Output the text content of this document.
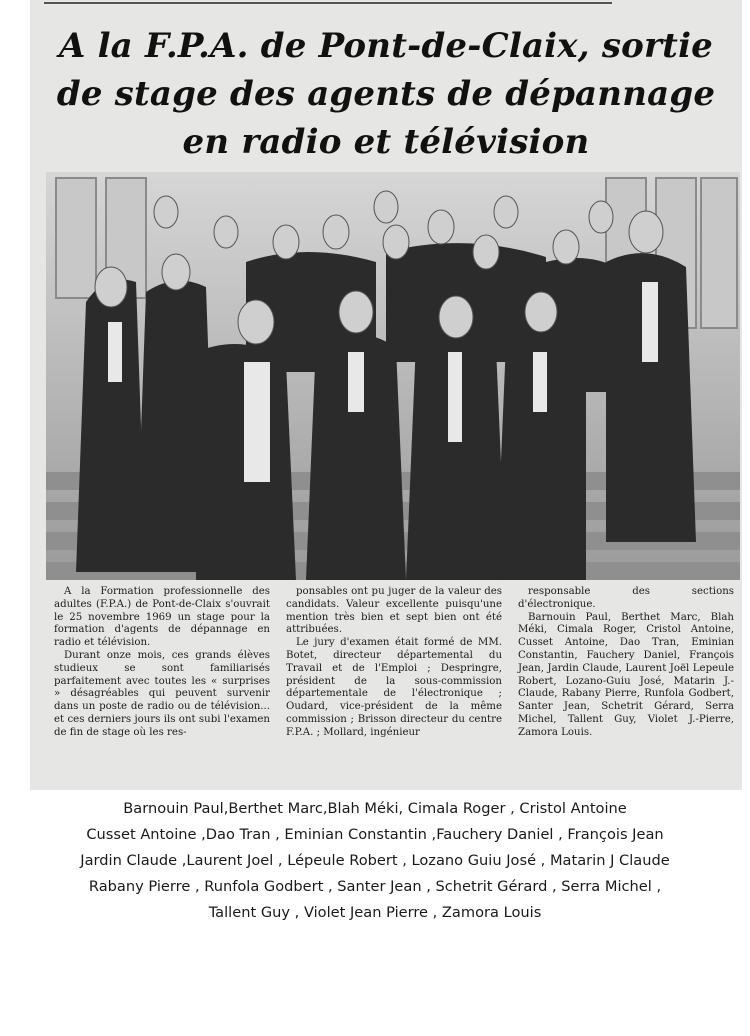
A la F.P.A. de Pont-de-Claix, sortie
de stage des agents de dépannage
en radio et télévision

A la Formation professionnelle des adultes (F.P.A.) de Pont-de-Claix s'ouvrait le 25 novembre 1969 un stage pour la formation d'agents de dépannage en radio et télévision.

Durant onze mois, ces grands élèves studieux se sont familiarisés parfaitement avec toutes les « surprises » désagréables qui peuvent survenir dans un poste de radio ou de télévision... et ces derniers jours ils ont subi l'examen de fin de stage où les res-

ponsables ont pu juger de la valeur des candidats. Valeur excellente puisqu'une mention très bien et sept bien ont été attribuées.

Le jury d'examen était formé de MM. Botet, directeur départemental du Travail et de l'Emploi ; Despringre, président de la sous-commission départementale de l'électronique ; Oudard, vice-président de la même commission ; Brisson directeur du centre F.P.A. ; Mollard, ingénieur

responsable des sections d'électronique.

Barnouin Paul, Berthet Marc, Blah Méki, Cimala Roger, Cristol Antoine, Cusset Antoine, Dao Tran, Eminian Constantin, Fauchery Daniel, François Jean, Jardin Claude, Laurent Joël Lepeule Robert, Lozano-Guiu José, Matarin J.-Claude, Rabany Pierre, Runfola Godbert, Santer Jean, Schetrit Gérard, Serra Michel, Tallent Guy, Violet J.-Pierre, Zamora Louis.

Barnouin Paul,Berthet Marc,Blah Méki, Cimala Roger , Cristol Antoine
Cusset Antoine ,Dao Tran , Eminian Constantin ,Fauchery Daniel , François Jean
Jardin Claude ,Laurent Joel , Lépeule Robert , Lozano Guiu José , Matarin J Claude
Rabany Pierre , Runfola Godbert , Santer Jean , Schetrit Gérard , Serra Michel ,
Tallent Guy , Violet Jean Pierre , Zamora Louis
